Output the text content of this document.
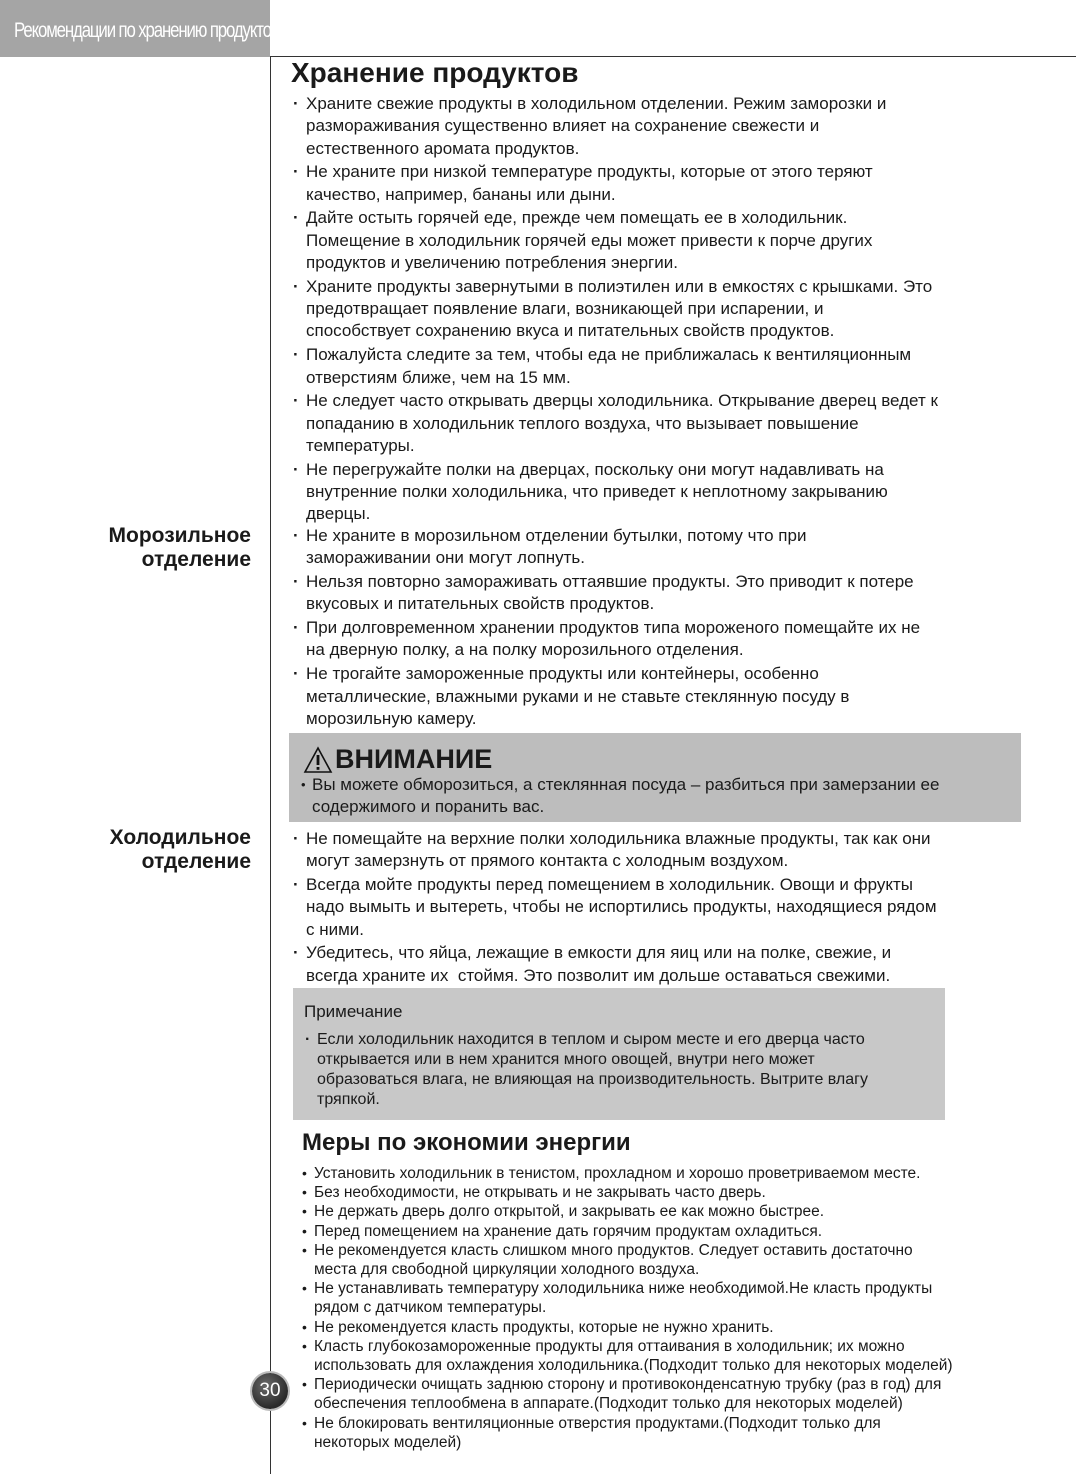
Рекомендации по хранению продуктов
Хранение продуктов
· Храните свежие продукты в холодильном отделении. Режим заморозки и
размораживания существенно влияет на сохранение свежести и
естественного аромата продуктов.
· Не храните при низкой температуре продукты, которые от этого теряют
качество, например, бананы или дыни.
· Дайте остыть горячей еде, прежде чем помещать ее в холодильник.
Помещение в холодильник горячей еды может привести к порче других
продуктов и увеличению потребления энергии.
· Храните продукты завернутыми в полиэтилен или в емкостях с крышками. Это
предотвращает появление влаги, возникающей при испарении, и
способствует сохранению вкуса и питательных свойств продуктов.
· Пожалуйста следите за тем, чтобы еда не приближалась к вентиляционным
отверстиям ближе, чем на 15 мм.
· Не следует часто открывать дверцы холодильника. Открывание дверец ведет к
попаданию в холодильник теплого воздуха, что вызывает повышение
температуры.
· Не перегружайте полки на дверцах, поскольку они могут надавливать на
внутренние полки холодильника, что приведет к неплотному закрыванию
дверцы.
Морозильное
отделение
· Не храните в морозильном отделении бутылки, потому что при
замораживании они могут лопнуть.
· Нельзя повторно замораживать оттаявшие продукты. Это приводит к потере
вкусовых и питательных свойств продуктов.
· При долговременном хранении продуктов типа мороженого помещайте их не
на дверную полку, а на полку морозильного отделения.
· Не трогайте замороженные продукты или контейнеры, особенно
металлические, влажными руками и не ставьте стеклянную посуду в
морозильную камеру.
ВНИМАНИЕ
• Вы можете обморозиться, а стеклянная посуда – разбиться при замерзании ее
содержимого и поранить вас.
Холодильное
отделение
· Не помещайте на верхние полки холодильника влажные продукты, так как они
могут замерзнуть от прямого контакта с холодным воздухом.
· Всегда мойте продукты перед помещением в холодильник. Овощи и фрукты
надо вымыть и вытереть, чтобы не испортились продукты, находящиеся рядом
с ними.
· Убедитесь, что яйца, лежащие в емкости для яиц или на полке, свежие, и
всегда храните их  стоймя. Это позволит им дольше оставаться свежими.
Примечание
· Если холодильник находится в теплом и сыром месте и его дверца часто
открывается или в нем хранится много овощей, внутри него может
образоваться влага, не влияющая на производительность. Вытрите влагу
тряпкой.
Меры по экономии энергии
• Установить холодильник в тенистом, прохладном и хорошо проветриваемом месте.
• Без необходимости, не открывать и не закрывать часто дверь.
• Не держать дверь долго открытой, и закрывать ее как можно быстрее.
• Перед помещением на хранение дать горячим продуктам охладиться.
• Не рекомендуется класть слишком много продуктов. Следует оставить достаточно
места для свободной циркуляции холодного воздуха.
• Не устанавливать температуру холодильника ниже необходимой.Не класть продукты
рядом с датчиком температуры.
• Не рекомендуется класть продукты, которые не нужно хранить.
• Класть глубокозамороженные продукты для оттаивания в холодильник; их можно
использовать для охлаждения холодильника.(Подходит только для некоторых моделей)
• Периодически очищать заднюю сторону и противоконденсатную трубку (раз в год) для
обеспечения теплообмена в аппарате.(Подходит только для некоторых моделей)
• Не блокировать вентиляционные отверстия продуктами.(Подходит только для
некоторых моделей)
30
